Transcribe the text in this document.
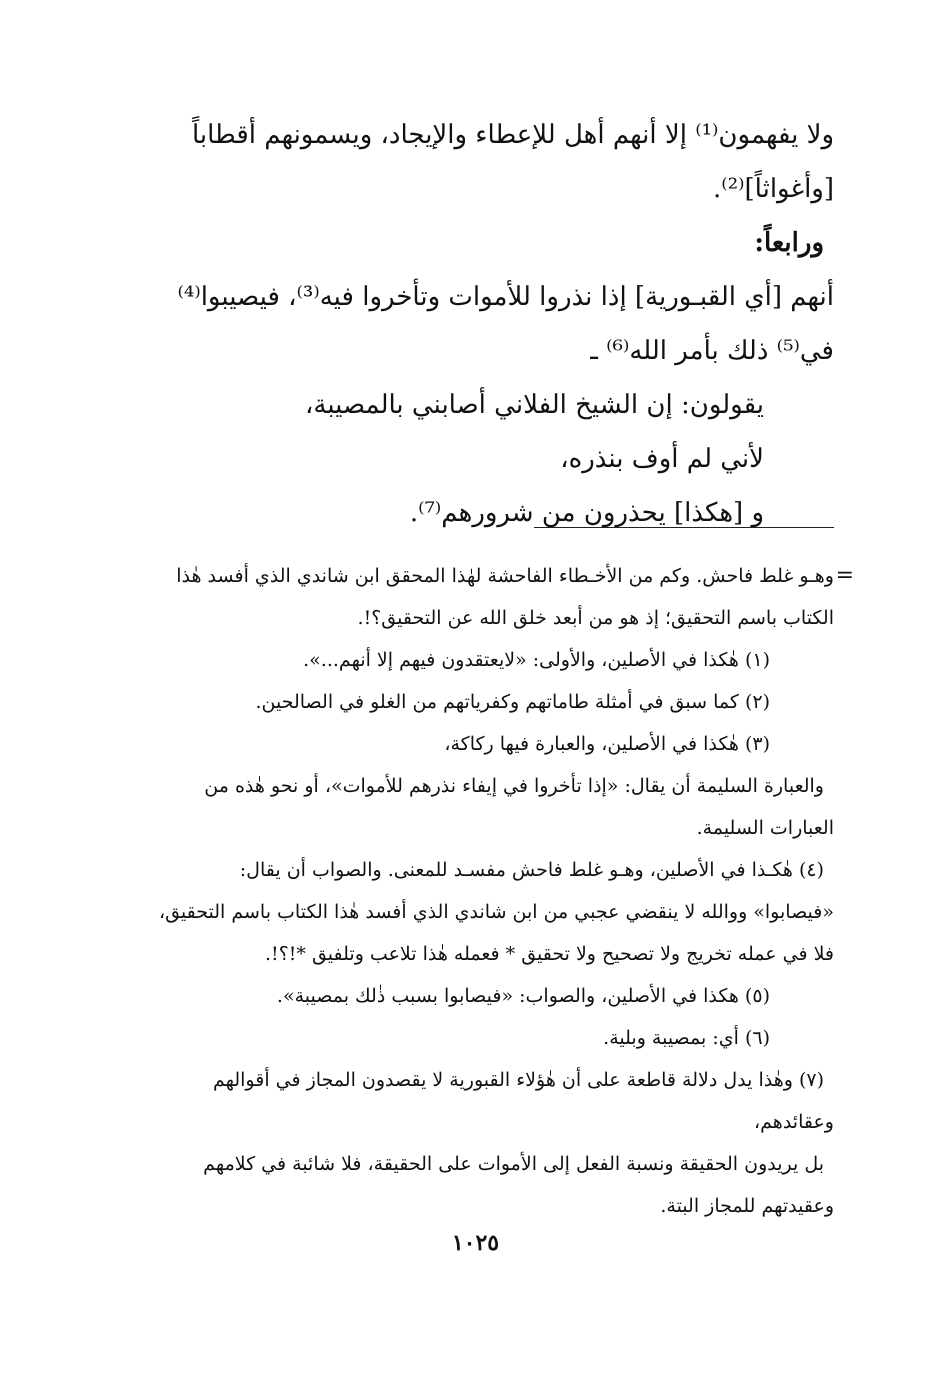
ولا يفهمون⁽¹⁾ إلا أنهم أهل للإعطاء والإيجاد، ويسمونهم أقطاباً

[وأغواثاً]⁽²⁾.

ورابعاً:

أنهم [أي القبـورية] إذا نذروا للأموات وتأخروا فيه⁽³⁾، فيصيبوا⁽⁴⁾

في⁽⁵⁾ ذلك بأمر الله⁽⁶⁾ ـ

يقولون: إن الشيخ الفلاني أصابني بالمصيبة،

لأني لم أوف بنذره،

و [هكذا] يحذرون من شرورهم⁽⁷⁾.

=

وهـو غلط فاحش. وكم من الأخـطاء الفاحشة لهٰذا المحقق ابن شاندي الذي أفسد هٰذا

الكتاب باسم التحقيق؛ إذ هو من أبعد خلق الله عن التحقيق؟!.

(١) هٰكذا في الأصلين، والأولى: «لايعتقدون فيهم إلا أنهم...».

(٢) كما سبق في أمثلة طاماتهم وكفرياتهم من الغلو في الصالحين.

(٣) هٰكذا في الأصلين، والعبارة فيها ركاكة،

والعبارة السليمة أن يقال: «إذا تأخروا في إيفاء نذرهم للأموات»، أو نحو هٰذه من

العبارات السليمة.

(٤) هٰكـذا في الأصلين، وهـو غلط فاحش مفسـد للمعنى. والصواب أن يقال:

«فيصابوا» ووالله لا ينقضي عجبي من ابن شاندي الذي أفسد هٰذا الكتاب باسم التحقيق،

فلا في عمله تخريج ولا تصحيح ولا تحقيق * فعمله هٰذا تلاعب وتلفيق *!؟!.

(٥) هكذا في الأصلين، والصواب: «فيصابوا بسبب ذٰلك بمصيبة».

(٦) أي: بمصيبة وبلية.

(٧) وهٰذا يدل دلالة قاطعة على أن هٰؤلاء القبورية لا يقصدون المجاز في أقوالهم

وعقائدهم،

بل يريدون الحقيقة ونسبة الفعل إلى الأموات على الحقيقة، فلا شائبة في كلامهم

وعقيدتهم للمجاز البتة.

١٠٢٥
